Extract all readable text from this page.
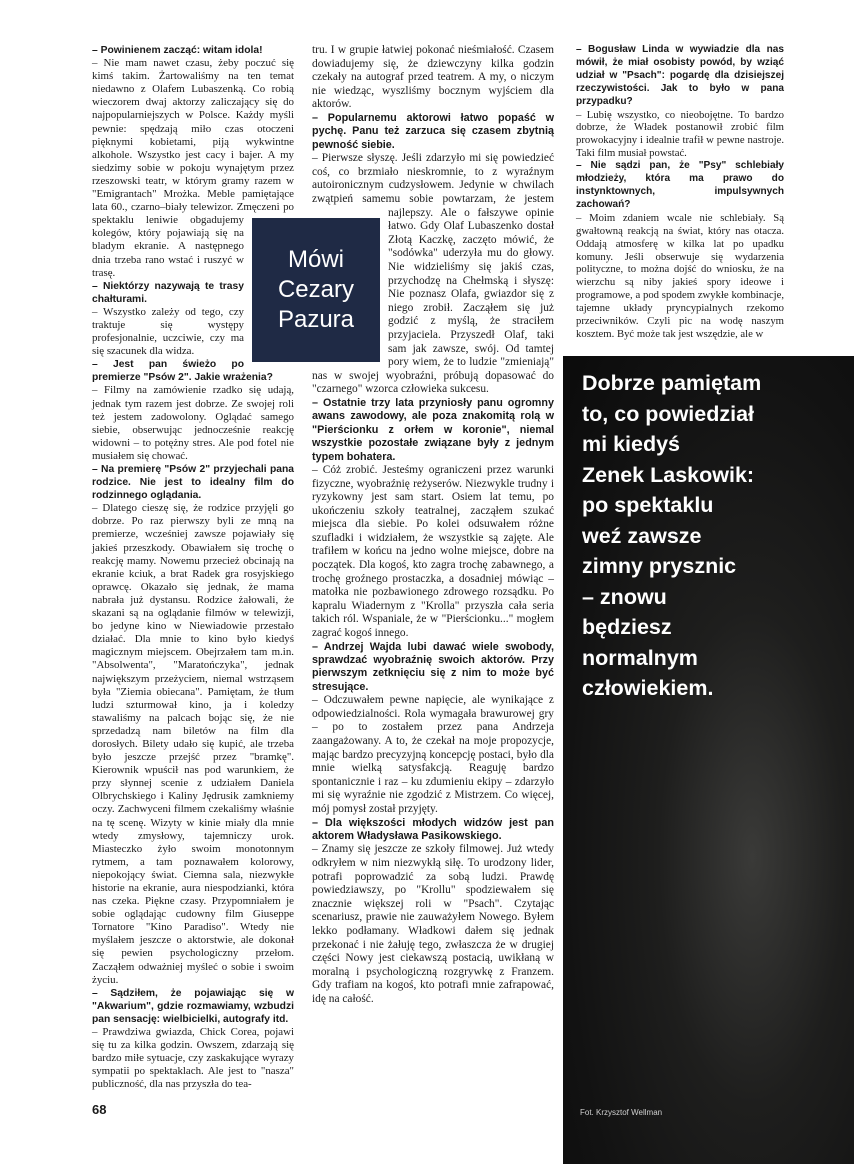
– Powinienem zacząć: witam idola!

– Nie mam nawet czasu, żeby poczuć się kimś takim. Żartowaliśmy na ten temat niedawno z Olafem Lubaszenką. Co robią wieczorem dwaj aktorzy zaliczający się do najpopularniejszych w Polsce. Każdy myśli pewnie: spędzają miło czas otoczeni pięknymi kobietami, piją wykwintne alkohole. Wszystko jest cacy i bajer. A my siedzimy sobie w pokoju wynajętym przez rzeszowski teatr, w którym gramy razem w "Emigrantach" Mrożka. Meble pamiętające lata 60., czarno–biały telewizor. Zmęczeni po spektaklu leniwie obgadujemy kolegów, który pojawiają się na bladym ekranie. A następnego dnia trzeba rano wstać i ruszyć w trasę.

– Niektórzy nazywają te trasy chałturami.

– Wszystko zależy od tego, czy traktuje się występy profesjonalnie, uczciwie, czy ma się szacunek dla widza.

– Jest pan świeżo po premierze "Psów 2". Jakie wrażenia?

– Filmy na zamówienie rzadko się udają, jednak tym razem jest dobrze. Ze swojej roli też jestem zadowolony. Oglądać samego siebie, obserwując jednocześnie reakcję widowni – to potężny stres. Ale pod fotel nie musiałem się chować.

– Na premierę "Psów 2" przyjechali pana rodzice. Nie jest to idealny film do rodzinnego oglądania.

– Dlatego cieszę się, że rodzice przyjęli go dobrze. Po raz pierwszy byli ze mną na premierze, wcześniej zawsze pojawiały się jakieś przeszkody. Obawiałem się trochę o reakcję mamy. Nowemu przecież obcinają na ekranie kciuk, a brat Radek gra rosyjskiego oprawcę. Okazało się jednak, że mama nabrała już dystansu. Rodzice żałowali, że skazani są na oglądanie filmów w telewizji, bo jedyne kino w Niewiadowie przestało działać. Dla mnie to kino było kiedyś magicznym miejscem. Obejrzałem tam m.in. "Absolwenta", "Maratończyka", jednak największym przeżyciem, niemal wstrząsem była "Ziemia obiecana". Pamiętam, że tłum ludzi szturmował kino, ja i koledzy stawaliśmy na palcach bojąc się, że nie sprzedadzą nam biletów na film dla dorosłych. Bilety udało się kupić, ale trzeba było jeszcze przejść przez "bramkę". Kierownik wpuścił nas pod warunkiem, że przy słynnej scenie z udziałem Daniela Olbrychskiego i Kaliny Jędrusik zamkniemy oczy. Zachwyceni filmem czekaliśmy właśnie na tę scenę. Wizyty w kinie miały dla mnie wtedy zmysłowy, tajemniczy urok. Miasteczko żyło swoim monotonnym rytmem, a tam poznawałem kolorowy, niepokojący świat. Ciemna sala, niezwykłe historie na ekranie, aura niespodzianki, która nas czeka. Piękne czasy. Przypomniałem je sobie oglądając cudowny film Giuseppe Tornatore "Kino Paradiso". Wtedy nie myślałem jeszcze o aktorstwie, ale dokonał się pewien psychologiczny przełom. Zacząłem odważniej myśleć o sobie i swoim życiu.

– Sądziłem, że pojawiając się w "Akwarium", gdzie rozmawiamy, wzbudzi pan sensację: wielbicielki, autografy itd.

– Prawdziwa gwiazda, Chick Corea, pojawi się tu za kilka godzin. Owszem, zdarzają się bardzo miłe sytuacje, czy zaskakujące wyrazy sympatii po spektaklach. Ale jest to "nasza" publiczność, dla nas przyszła do tea-

tru. I w grupie łatwiej pokonać nieśmiałość. Czasem dowiadujemy się, że dziewczyny kilka godzin czekały na autograf przed teatrem. A my, o niczym nie wiedząc, wyszliśmy bocznym wyjściem dla aktorów.

– Popularnemu aktorowi łatwo popaść w pychę. Panu też zarzuca się czasem zbytnią pewność siebie.

– Pierwsze słyszę. Jeśli zdarzyło mi się powiedzieć coś, co brzmiało nieskromnie, to z wyraźnym autoironicznym cudzysłowem. Jedynie w chwilach zwątpień samemu sobie powtarzam, że jestem najlepszy. Ale o fałszywe opinie łatwo. Gdy Olaf Lubaszenko dostał Złotą Kaczkę, zaczęto mówić, że "sodówka" uderzyła mu do głowy. Nie widzieliśmy się jakiś czas, przychodzę na Chełmską i słyszę: Nie poznasz Olafa, gwiazdor się z niego zrobił. Zacząłem się już godzić z myślą, że straciłem przyjaciela. Przyszedł Olaf, taki sam jak zawsze, swój. Od tamtej pory wiem, że to ludzie "zmieniają" nas w swojej wyobraźni, próbują dopasować do "czarnego" wzorca człowieka sukcesu.

– Ostatnie trzy lata przyniosły panu ogromny awans zawodowy, ale poza znakomitą rolą w "Pierścionku z orłem w koronie", niemal wszystkie pozostałe związane były z jednym typem bohatera.

– Cóż zrobić. Jesteśmy ograniczeni przez warunki fizyczne, wyobraźnię reżyserów. Niezwykle trudny i ryzykowny jest sam start. Osiem lat temu, po ukończeniu szkoły teatralnej, zacząłem szukać miejsca dla siebie. Po kolei odsuwałem różne szufladki i widziałem, że wszystkie są zajęte. Ale trafiłem w końcu na jedno wolne miejsce, dobre na początek. Dla kogoś, kto zagra trochę zabawnego, a trochę groźnego prostaczka, a dosadniej mówiąc – matołka nie pozbawionego zdrowego rozsądku. Po kapralu Wiadernym z "Krolla" przyszła cała seria takich ról. Wspaniale, że w "Pierścionku..." mogłem zagrać kogoś innego.

– Andrzej Wajda lubi dawać wiele swobody, sprawdzać wyobraźnię swoich aktorów. Przy pierwszym zetknięciu się z nim to może być stresujące.

– Odczuwałem pewne napięcie, ale wynikające z odpowiedzialności. Rola wymagała brawurowej gry – po to zostałem przez pana Andrzeja zaangażowany. A to, że czekał na moje propozycje, mając bardzo precyzyjną koncepcję postaci, było dla mnie wielką satysfakcją. Reaguję bardzo spontanicznie i raz – ku zdumieniu ekipy – zdarzyło mi się wyraźnie nie zgodzić z Mistrzem. Co więcej, mój pomysł został przyjęty.

– Dla większości młodych widzów jest pan aktorem Władysława Pasikowskiego.

– Znamy się jeszcze ze szkoły filmowej. Już wtedy odkryłem w nim niezwykłą siłę. To urodzony lider, potrafi poprowadzić za sobą ludzi. Prawdę powiedziawszy, po "Krollu" spodziewałem się znacznie większej roli w "Psach". Czytając scenariusz, prawie nie zauważyłem Nowego. Byłem lekko podłamany. Władkowi dałem się jednak przekonać i nie żałuję tego, zwłaszcza że w drugiej części Nowy jest ciekawszą postacią, uwikłaną w moralną i psychologiczną rozgrywkę z Franzem. Gdy trafiam na kogoś, kto potrafi mnie zafrapować, idę na całość.

– Bogusław Linda w wywiadzie dla nas mówił, że miał osobisty powód, by wziąć udział w "Psach": pogardę dla dzisiejszej rzeczywistości. Jak to było w pana przypadku?

– Lubię wszystko, co nieobojętne. To bardzo dobrze, że Władek postanowił zrobić film prowokacyjny i idealnie trafił w pewne nastroje. Taki film musiał powstać.

– Nie sądzi pan, że "Psy" schlebiały młodzieży, która ma prawo do instynktownych, impulsywnych zachowań?

– Moim zdaniem wcale nie schlebiały. Są gwałtowną reakcją na świat, który nas otacza. Oddają atmosferę w kilka lat po upadku komuny. Jeśli obserwuje się wydarzenia polityczne, to można dojść do wniosku, że na wierzchu są niby jakieś spory ideowe i programowe, a pod spodem zwykłe kombinacje, tajemne układy pryncypialnych rzekomo przeciwników. Czyli pic na wodę naszym kosztem. Być może tak jest wszędzie, ale w

Mówi
Cezary
Pazura
Dobrze pamiętam
to, co powiedział
mi kiedyś
Zenek Laskowik:
po spektaklu
weź zawsze
zimny prysznic
– znowu
będziesz
normalnym
człowiekiem.
Fot. Krzysztof Wellman
68
